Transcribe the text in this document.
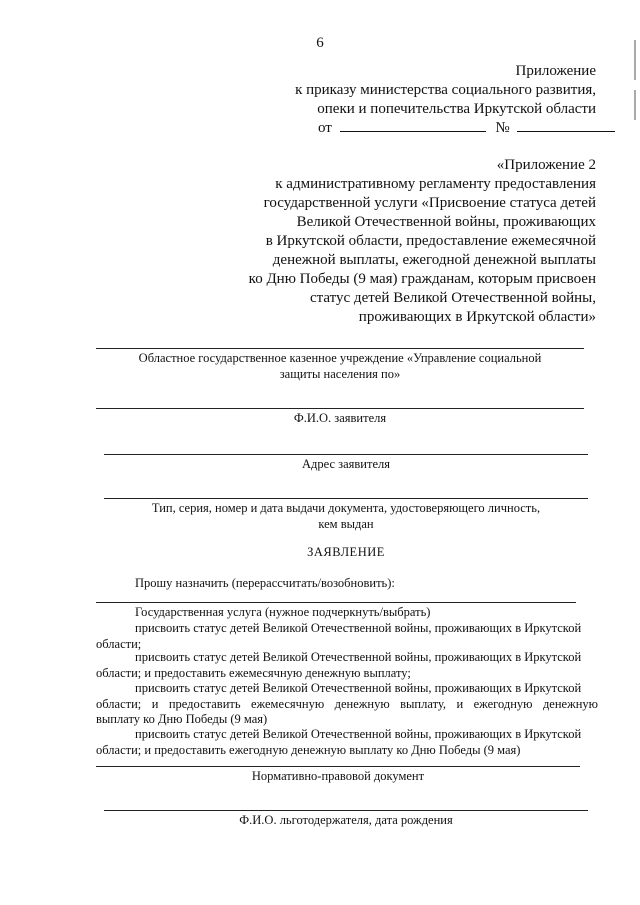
6
Приложение
к приказу министерства социального развития,
опеки и попечительства Иркутской области
от	№
«Приложение 2
к административному регламенту предоставления
государственной услуги «Присвоение статуса детей
Великой Отечественной войны, проживающих
в Иркутской области, предоставление ежемесячной
денежной выплаты, ежегодной денежной выплаты
ко Дню Победы (9 мая) гражданам, которым присвоен
статус детей Великой Отечественной войны,
проживающих в Иркутской области»
Областное государственное казенное учреждение «Управление социальной
защиты населения по»
Ф.И.О. заявителя
Адрес заявителя
Тип, серия, номер и дата выдачи документа, удостоверяющего личность,
кем выдан
ЗАЯВЛЕНИЕ
Прошу назначить (перерассчитать/возобновить):
Государственная услуга (нужное подчеркнуть/выбрать)
присвоить статус детей Великой Отечественной войны, проживающих в Иркутской
области;
присвоить статус детей Великой Отечественной войны, проживающих в Иркутской
области; и предоставить ежемесячную денежную выплату;
присвоить статус детей Великой Отечественной войны, проживающих в Иркутской
области; и предоставить ежемесячную денежную выплату, и ежегодную денежную
выплату ко Дню Победы (9 мая)
присвоить статус детей Великой Отечественной войны, проживающих в Иркутской
области; и предоставить ежегодную денежную выплату ко Дню Победы (9 мая)
Нормативно-правовой документ
Ф.И.О. льготодержателя, дата рождения
